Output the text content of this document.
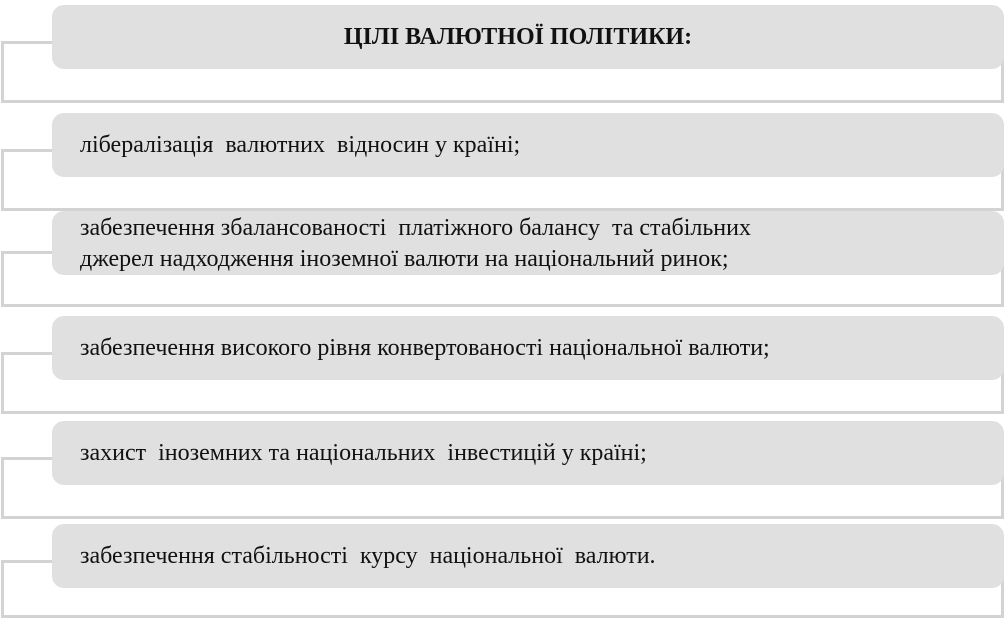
ЦІЛІ ВАЛЮТНОЇ ПОЛІТИКИ:
лібералізація  валютних  відносин у країні;
забезпечення збалансованості  платіжного балансу  та стабільних
джерел надходження іноземної валюти на національний ринок;
забезпечення високого рівня конвертованості національної валюти;
захист  іноземних та національних  інвестицій у країні;
забезпечення стабільності  курсу  національної  валюти.
